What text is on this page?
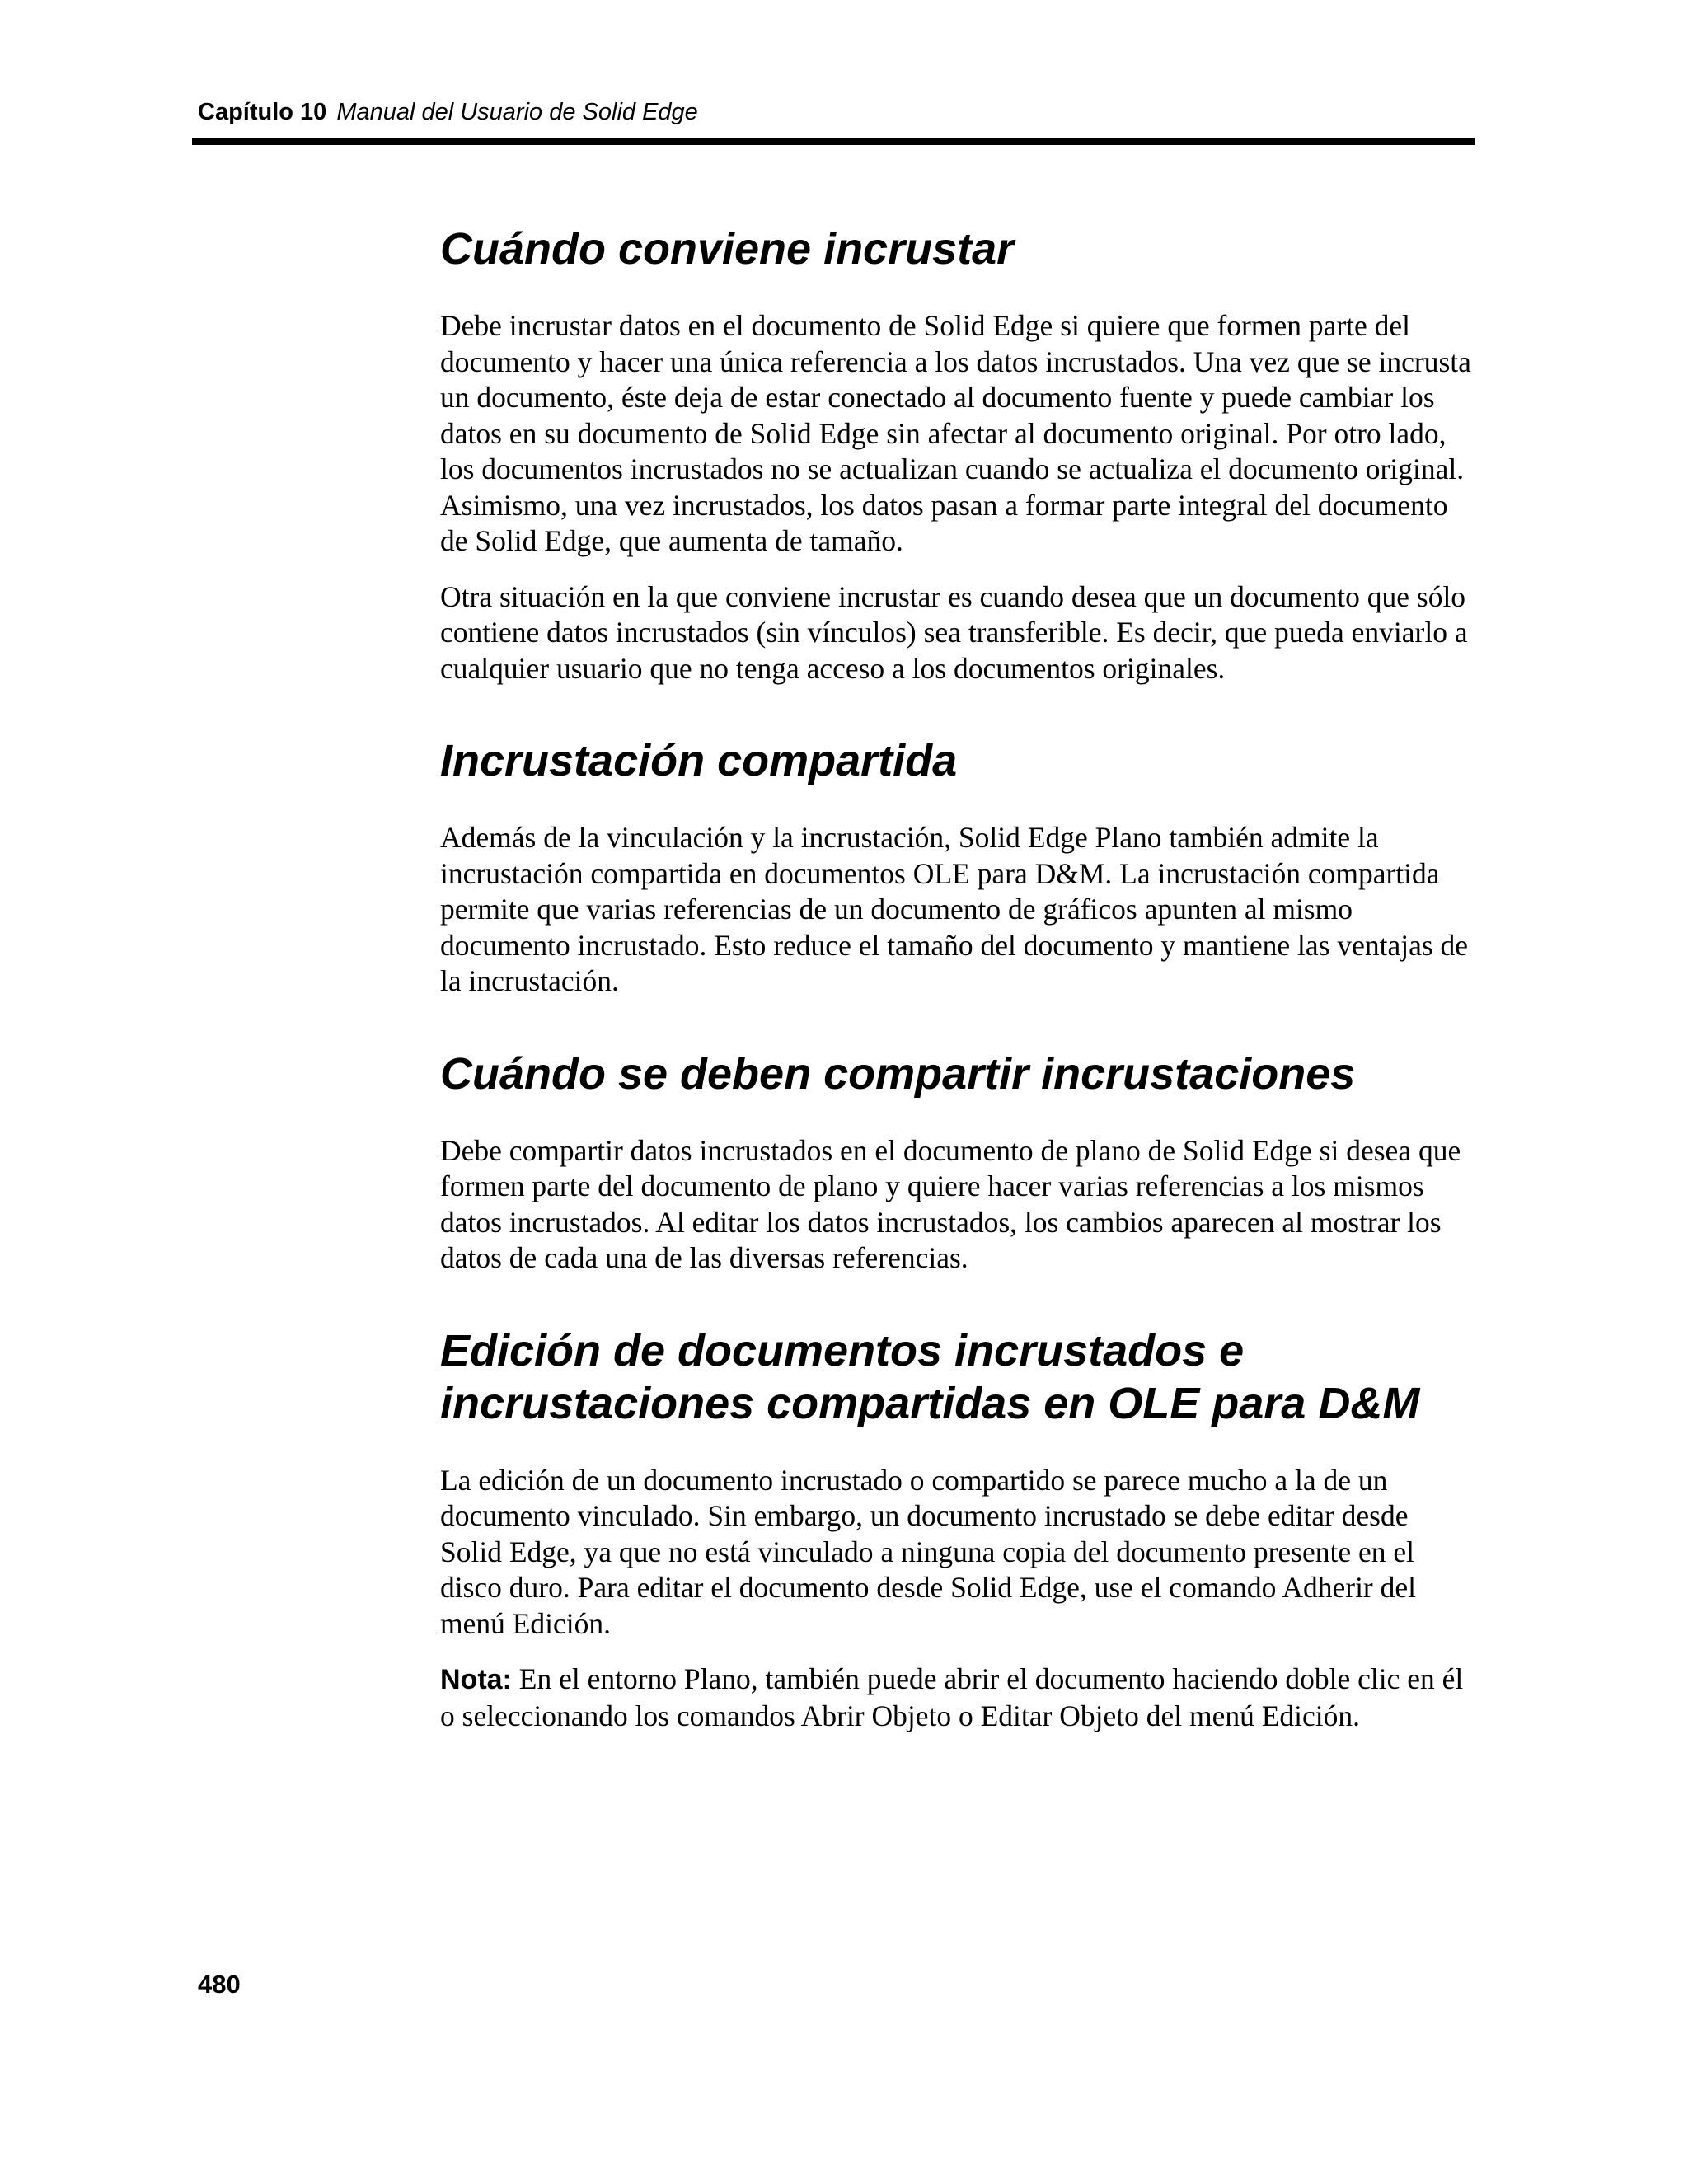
Capítulo 10 Manual del Usuario de Solid Edge
Cuándo conviene incrustar

Debe incrustar datos en el documento de Solid Edge si quiere que formen parte del documento y hacer una única referencia a los datos incrustados. Una vez que se incrusta un documento, éste deja de estar conectado al documento fuente y puede cambiar los datos en su documento de Solid Edge sin afectar al documento original. Por otro lado, los documentos incrustados no se actualizan cuando se actualiza el documento original. Asimismo, una vez incrustados, los datos pasan a formar parte integral del documento de Solid Edge, que aumenta de tamaño.

Otra situación en la que conviene incrustar es cuando desea que un documento que sólo contiene datos incrustados (sin vínculos) sea transferible. Es decir, que pueda enviarlo a cualquier usuario que no tenga acceso a los documentos originales.

Incrustación compartida

Además de la vinculación y la incrustación, Solid Edge Plano también admite la incrustación compartida en documentos OLE para D&M. La incrustación compartida permite que varias referencias de un documento de gráficos apunten al mismo documento incrustado. Esto reduce el tamaño del documento y mantiene las ventajas de la incrustación.

Cuándo se deben compartir incrustaciones

Debe compartir datos incrustados en el documento de plano de Solid Edge si desea que formen parte del documento de plano y quiere hacer varias referencias a los mismos datos incrustados. Al editar los datos incrustados, los cambios aparecen al mostrar los datos de cada una de las diversas referencias.

Edición de documentos incrustados e incrustaciones compartidas en OLE para D&M

La edición de un documento incrustado o compartido se parece mucho a la de un documento vinculado. Sin embargo, un documento incrustado se debe editar desde Solid Edge, ya que no está vinculado a ninguna copia del documento presente en el disco duro. Para editar el documento desde Solid Edge, use el comando Adherir del menú Edición.

Nota: En el entorno Plano, también puede abrir el documento haciendo doble clic en él o seleccionando los comandos Abrir Objeto o Editar Objeto del menú Edición.

480
